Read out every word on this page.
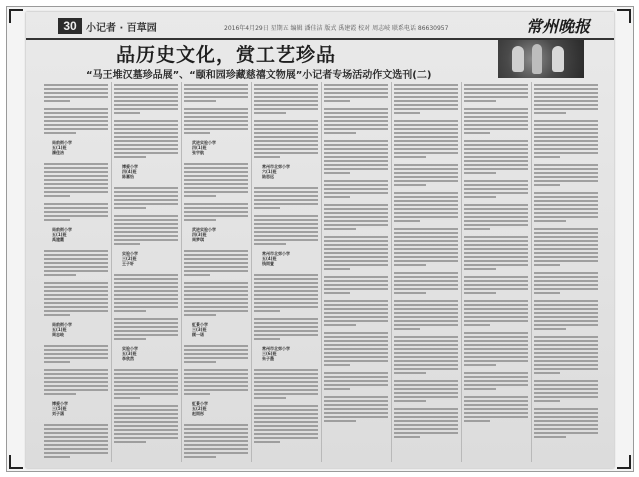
30 小记者 · 百草园	2016年4月29日 星期五 编辑 潘佳洁 版式 禹建霞 校对 周志岐 联系电话 86630957	常州晚报
品历史文化，赏工艺珍品
“马王堆汉墓珍品展”、“颐和园珍藏慈禧文物展”小记者专场活动作文选刊(二)
局前街小学
五(1)班
潘佳洁
局前街小学
五(1)班
禹建霞
局前街小学
五(1)班
周志岐
博爱小学
三(5)班
刘子涵
博爱小学
四(4)班
陈嘉怡
实验小学
三(2)班
王子轩
实验小学
五(3)班
李欣然
武进实验小学
四(1)班
张宇航
武进实验小学
四(3)班
周梦琪
虹景小学
三(3)班
顾一诺
虹景小学
五(2)班
赵雨彤
常州市北郊小学
六(1)班
陆思远
常州市北郊小学
五(4)班
钱雨萱
常州市北郊小学
三(6)班
朱子墨
